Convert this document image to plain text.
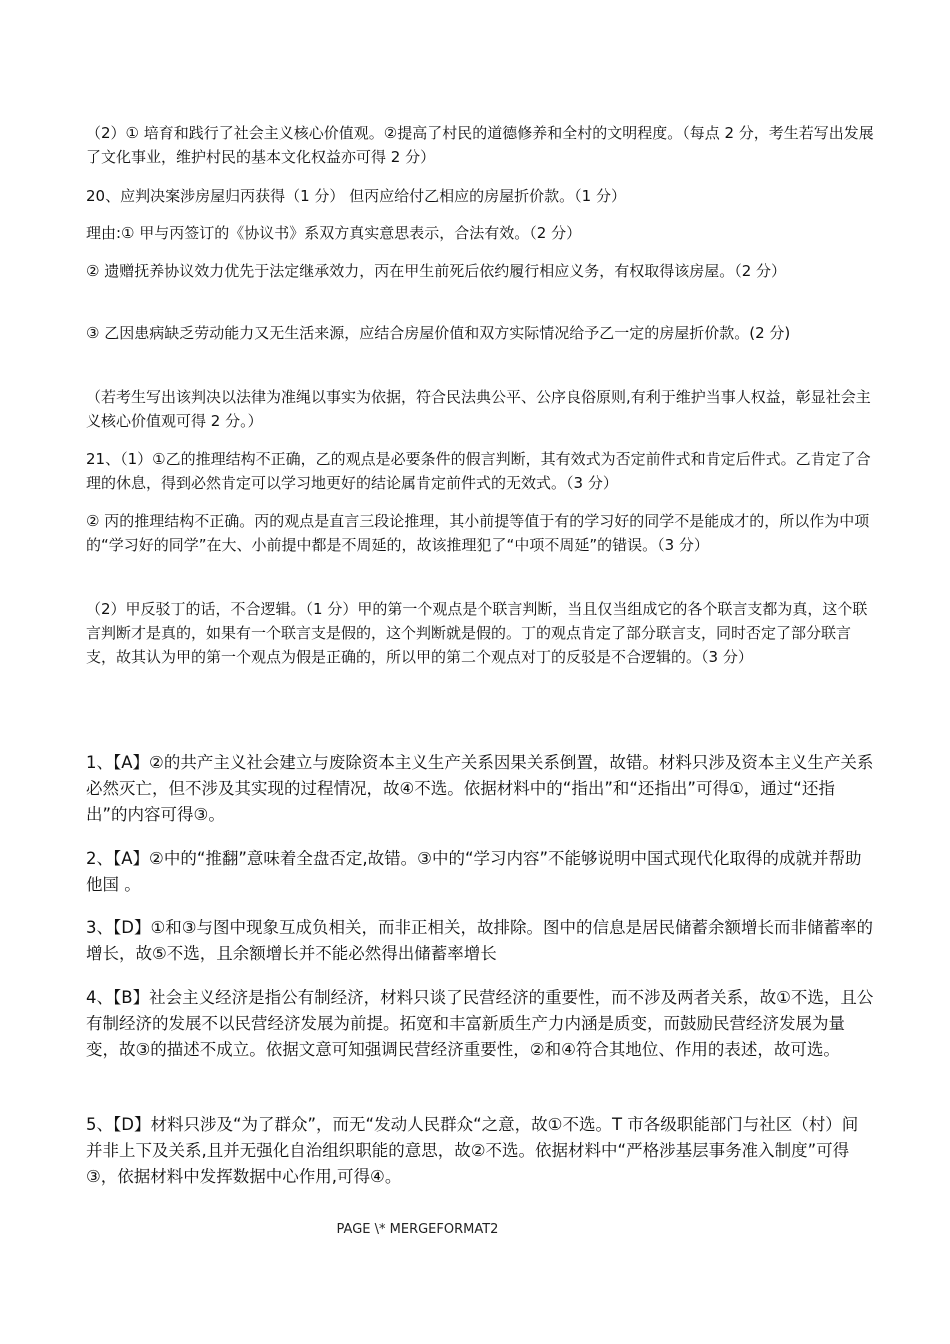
（2）① 培育和践行了社会主义核心价值观。②提高了村民的道德修养和全村的文明程度。（每点 2 分，考生若写出发展了文化事业，维护村民的基本文化权益亦可得 2 分）

20、应判决案涉房屋归丙获得（1 分） 但丙应给付乙相应的房屋折价款。（1 分）

理由:① 甲与丙签订的《协议书》系双方真实意思表示，合法有效。（2 分）

② 遗赠抚养协议效力优先于法定继承效力，丙在甲生前死后依约履行相应义务，有权取得该房屋。（2 分）

③ 乙因患病缺乏劳动能力又无生活来源，应结合房屋价值和双方实际情况给予乙一定的房屋折价款。(2 分)

（若考生写出该判决以法律为准绳以事实为依据，符合民法典公平、公序良俗原则,有利于维护当事人权益，彰显社会主义核心价值观可得 2 分。）

21、（1）①乙的推理结构不正确，乙的观点是必要条件的假言判断，其有效式为否定前件式和肯定后件式。乙肯定了合理的休息，得到必然肯定可以学习地更好的结论属肯定前件式的无效式。（3 分）

② 丙的推理结构不正确。丙的观点是直言三段论推理，其小前提等值于有的学习好的同学不是能成才的，所以作为中项的“学习好的同学”在大、小前提中都是不周延的，故该推理犯了“中项不周延”的错误。（3 分）

（2）甲反驳丁的话，不合逻辑。（1 分）甲的第一个观点是个联言判断，当且仅当组成它的各个联言支都为真，这个联言判断才是真的，如果有一个联言支是假的，这个判断就是假的。丁的观点肯定了部分联言支，同时否定了部分联言支，故其认为甲的第一个观点为假是正确的，所以甲的第二个观点对丁的反驳是不合逻辑的。（3 分）

1、【A】②的共产主义社会建立与废除资本主义生产关系因果关系倒置，故错。材料只涉及资本主义生产关系必然灭亡，但不涉及其实现的过程情况，故④不选。依据材料中的“指出”和“还指出”可得①，通过“还指出”的内容可得③。

2、【A】②中的“推翻”意味着全盘否定,故错。③中的“学习内容”不能够说明中国式现代化取得的成就并帮助他国 。

3、【D】①和③与图中现象互成负相关，而非正相关，故排除。图中的信息是居民储蓄余额增长而非储蓄率的增长，故⑤不选，且余额增长并不能必然得出储蓄率增长

4、【B】社会主义经济是指公有制经济，材料只谈了民营经济的重要性，而不涉及两者关系，故①不选，且公有制经济的发展不以民营经济发展为前提。拓宽和丰富新质生产力内涵是质变，而鼓励民营经济发展为量变，故③的描述不成立。依据文意可知强调民营经济重要性，②和④符合其地位、作用的表述，故可选。

5、【D】材料只涉及“为了群众”，而无“发动人民群众“之意，故①不选。T 市各级职能部门与社区（村）间并非上下及关系,且并无强化自治组织职能的意思，故②不选。依据材料中“严格涉基层事务准入制度”可得③，依据材料中发挥数据中心作用,可得④。

PAGE \* MERGEFORMAT2
